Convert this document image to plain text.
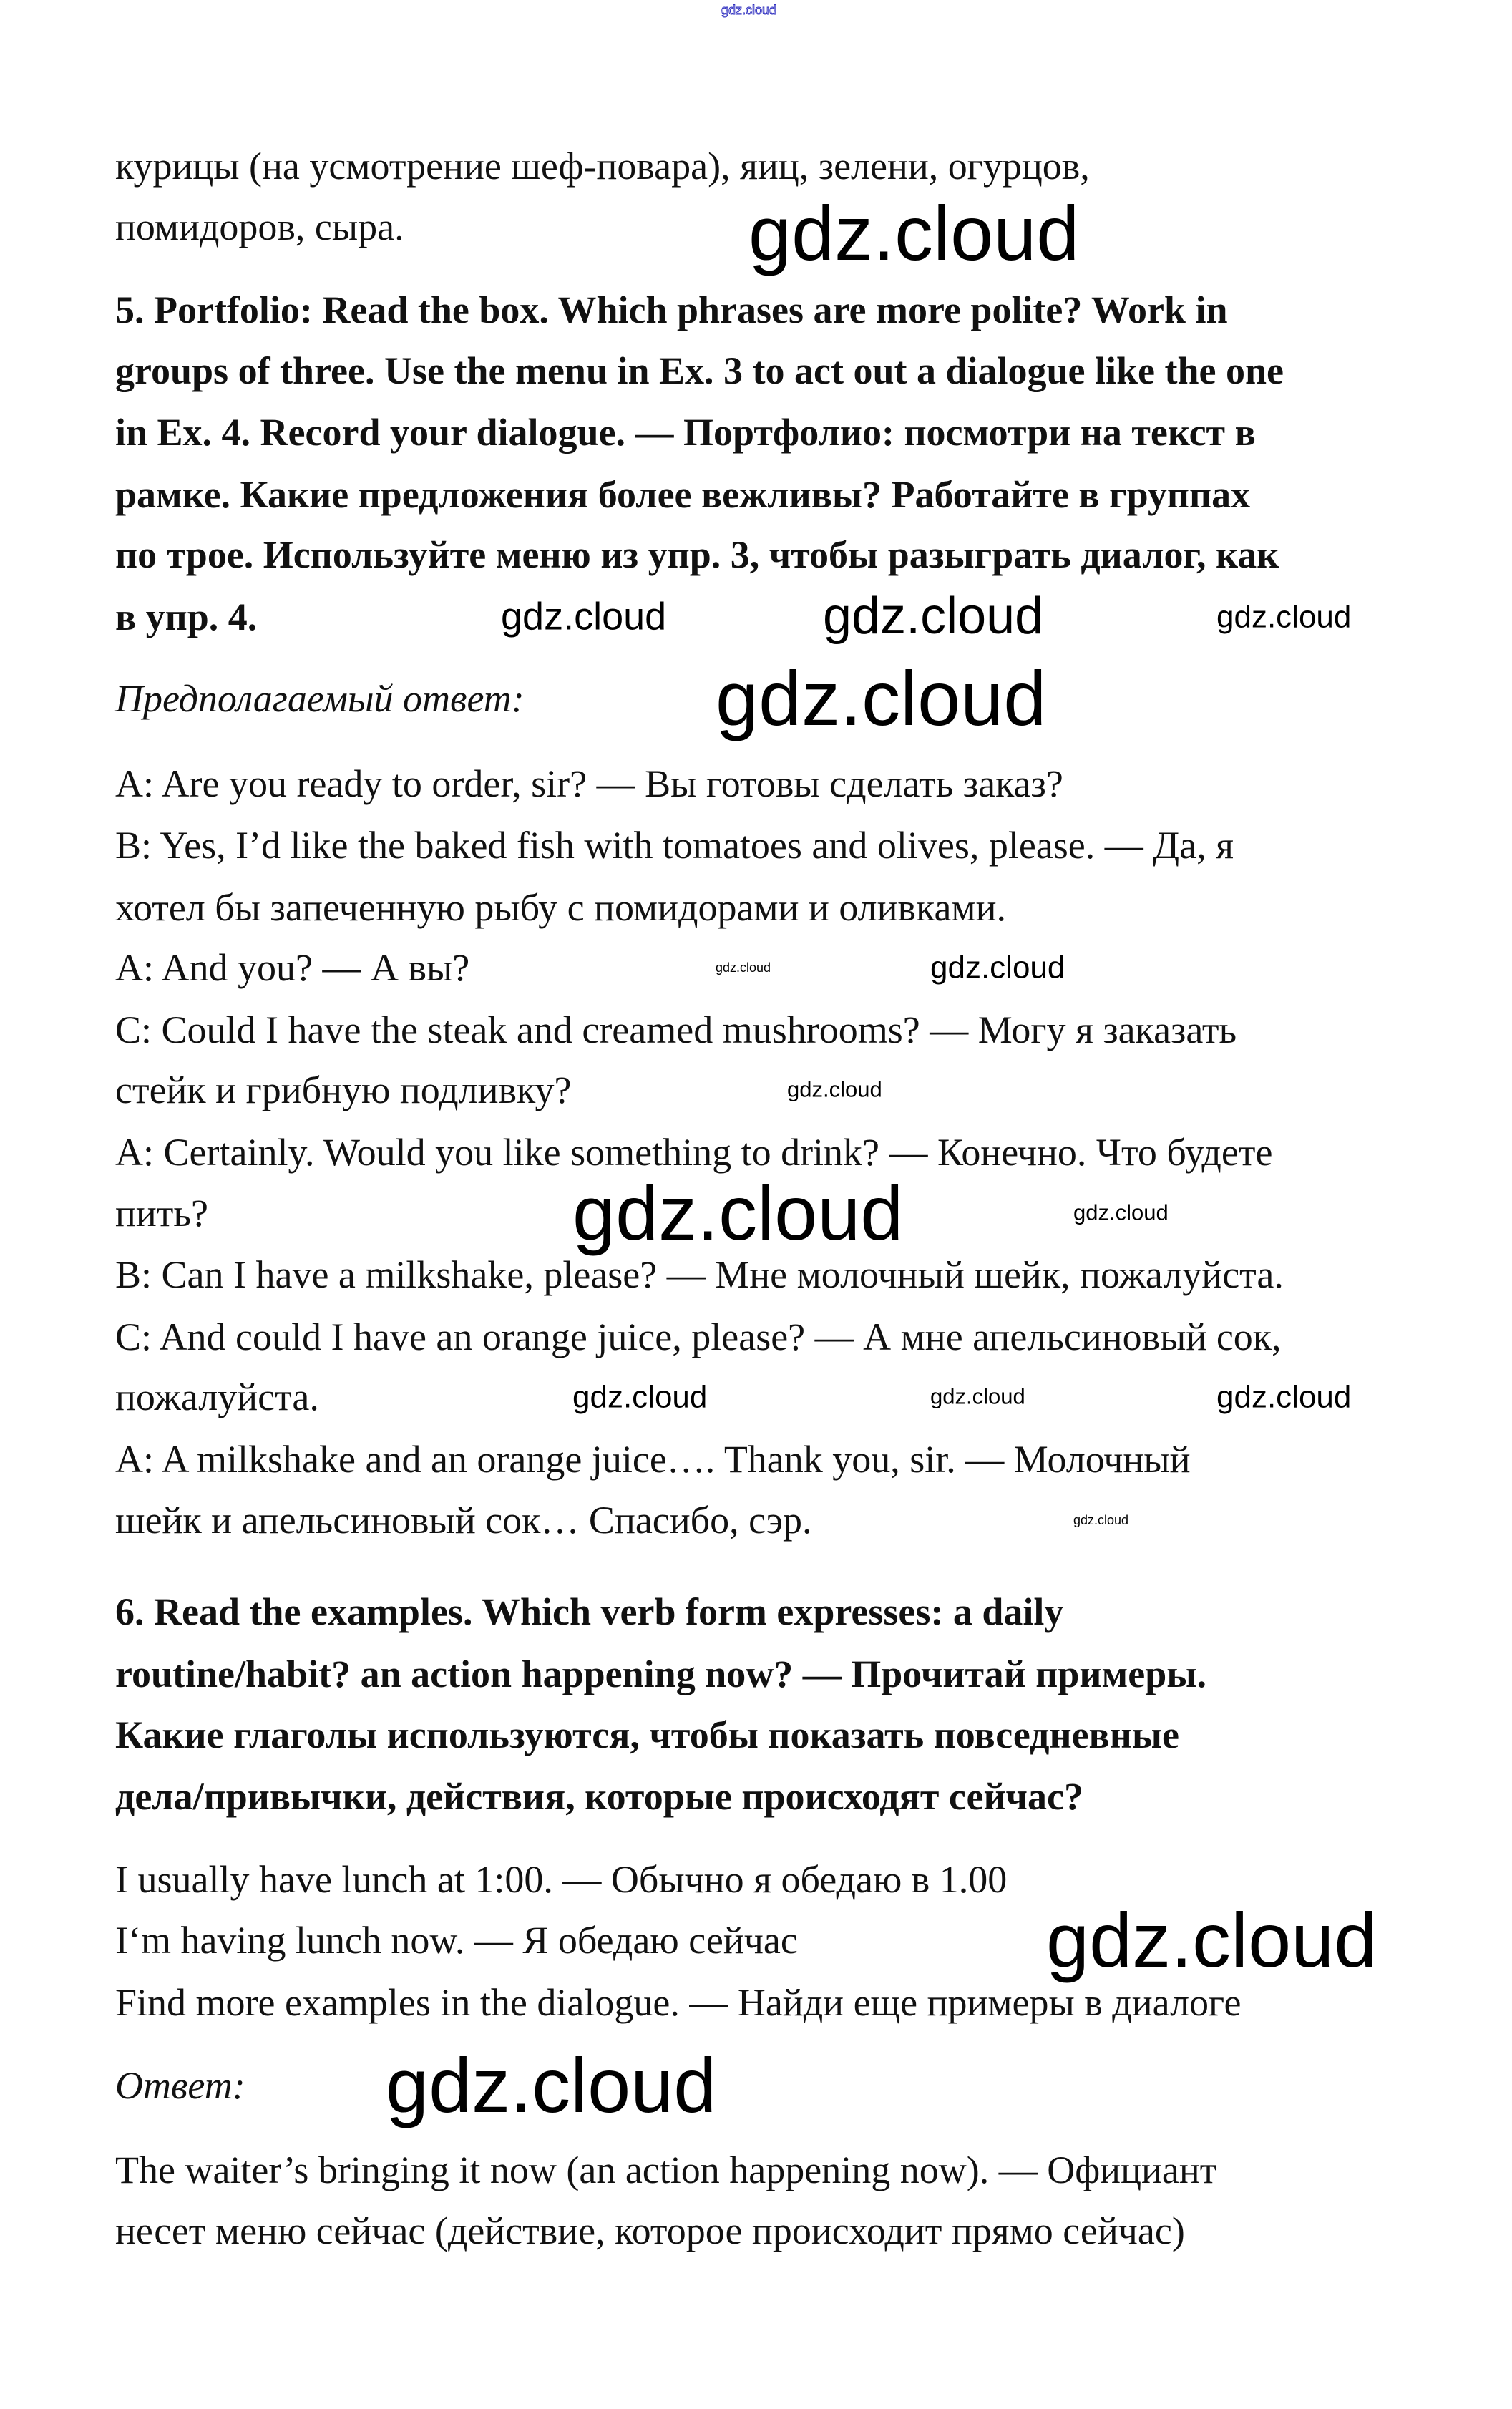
gdz.cloud
курицы (на усмотрение шеф-повара), яиц, зелени, огурцов,
помидоров, сыра.
5. Portfolio: Read the box. Which phrases are more polite? Work in
groups of three. Use the menu in Ex. 3 to act out a dialogue like the one
in Ex. 4. Record your dialogue. — Портфолио: посмотри на текст в
рамке. Какие предложения более вежливы? Работайте в группах
по трое. Используйте меню из упр. 3, чтобы разыграть диалог, как
в упр. 4.
Предполагаемый ответ:
A: Are you ready to order, sir? — Вы готовы сделать заказ?
B: Yes, I’d like the baked fish with tomatoes and olives, please. — Да, я
хотел бы запеченную рыбу с помидорами и оливками.
A: And you? — А вы?
C: Could I have the steak and creamed mushrooms? — Могу я заказать
стейк и грибную подливку?
A: Certainly. Would you like something to drink? — Конечно. Что будете
пить?
B: Can I have a milkshake, please? — Мне молочный шейк, пожалуйста.
C: And could I have an orange juice, please? — А мне апельсиновый сок,
пожалуйста.
A: A milkshake and an orange juice…. Thank you, sir. — Молочный
шейк и апельсиновый сок… Спасибо, сэр.
6. Read the examples. Which verb form expresses: a daily
routine/habit? an action happening now? — Прочитай примеры.
Какие глаголы используются, чтобы показать повседневные
дела/привычки, действия, которые происходят сейчас?
I usually have lunch at 1:00. — Обычно я обедаю в 1.00
I‘m having lunch now. — Я обедаю сейчас
Find more examples in the dialogue. — Найди еще примеры в диалоге
Ответ:
The waiter’s bringing it now (an action happening now). — Официант
несет меню сейчас (действие, которое происходит прямо сейчас)
gdz.cloud
gdz.cloud	gdz.cloud	gdz.cloud
gdz.cloud
gdz.cloud	gdz.cloud
gdz.cloud
gdz.cloud	gdz.cloud
gdz.cloud	gdz.cloud	gdz.cloud
gdz.cloud
gdz.cloud
gdz.cloud
